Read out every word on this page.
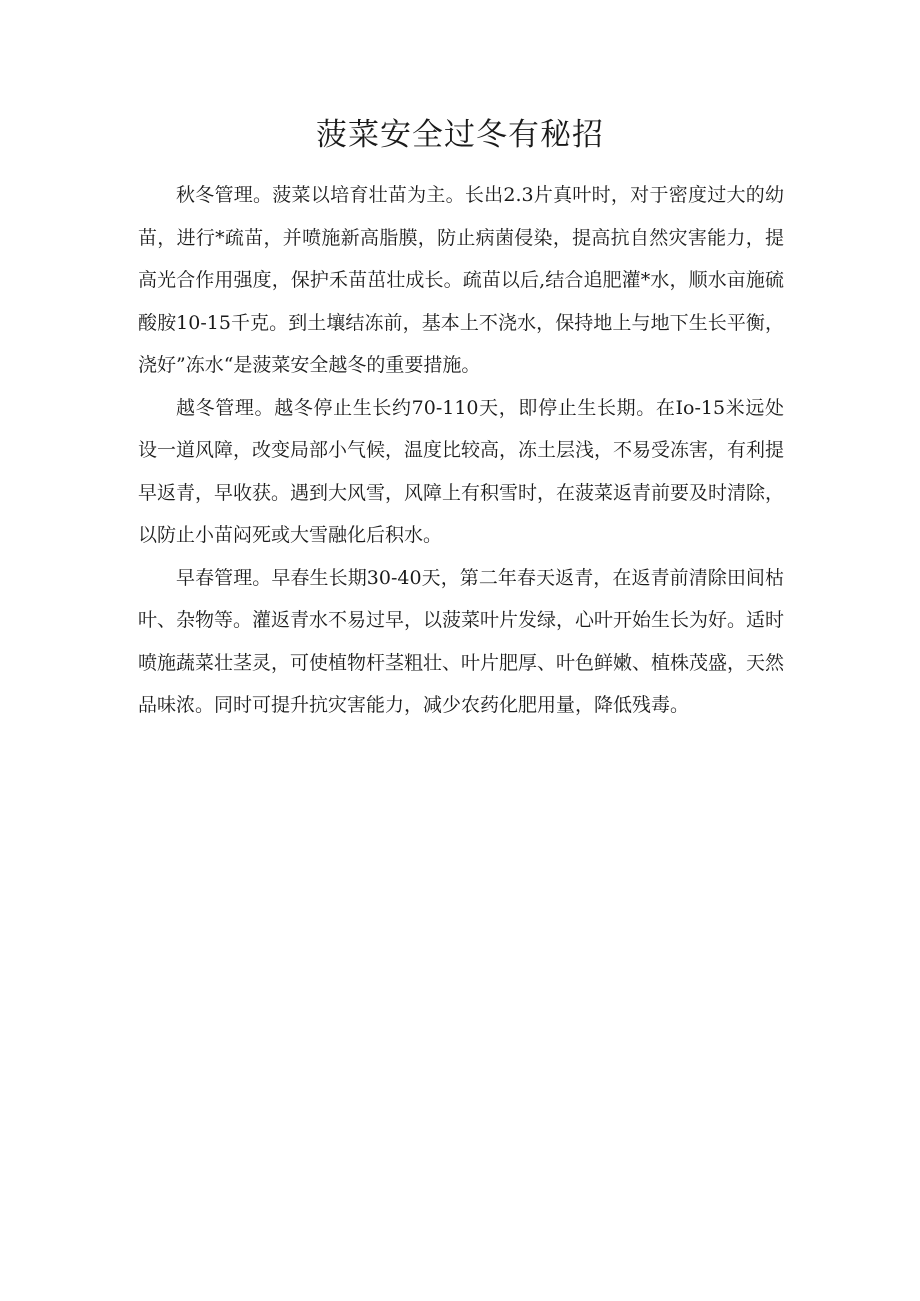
菠菜安全过冬有秘招

秋冬管理。菠菜以培育壮苗为主。长出2.3片真叶时，对于密度过大的幼苗，进行*疏苗，并喷施新高脂膜，防止病菌侵染，提高抗自然灾害能力，提高光合作用强度，保护禾苗茁壮成长。疏苗以后,结合追肥灌*水，顺水亩施硫酸胺10-15千克。到土壤结冻前，基本上不浇水，保持地上与地下生长平衡，浇好”冻水“是菠菜安全越冬的重要措施。

越冬管理。越冬停止生长约70-110天，即停止生长期。在Io-15米远处设一道风障，改变局部小气候，温度比较高，冻土层浅，不易受冻害，有利提早返青，早收获。遇到大风雪，风障上有积雪时，在菠菜返青前要及时清除，以防止小苗闷死或大雪融化后积水。

早春管理。早春生长期30-40天，第二年春天返青，在返青前清除田间枯叶、杂物等。灌返青水不易过早，以菠菜叶片发绿，心叶开始生长为好。适时喷施蔬菜壮茎灵，可使植物杆茎粗壮、叶片肥厚、叶色鲜嫩、植株茂盛，天然品味浓。同时可提升抗灾害能力，减少农药化肥用量，降低残毒。
